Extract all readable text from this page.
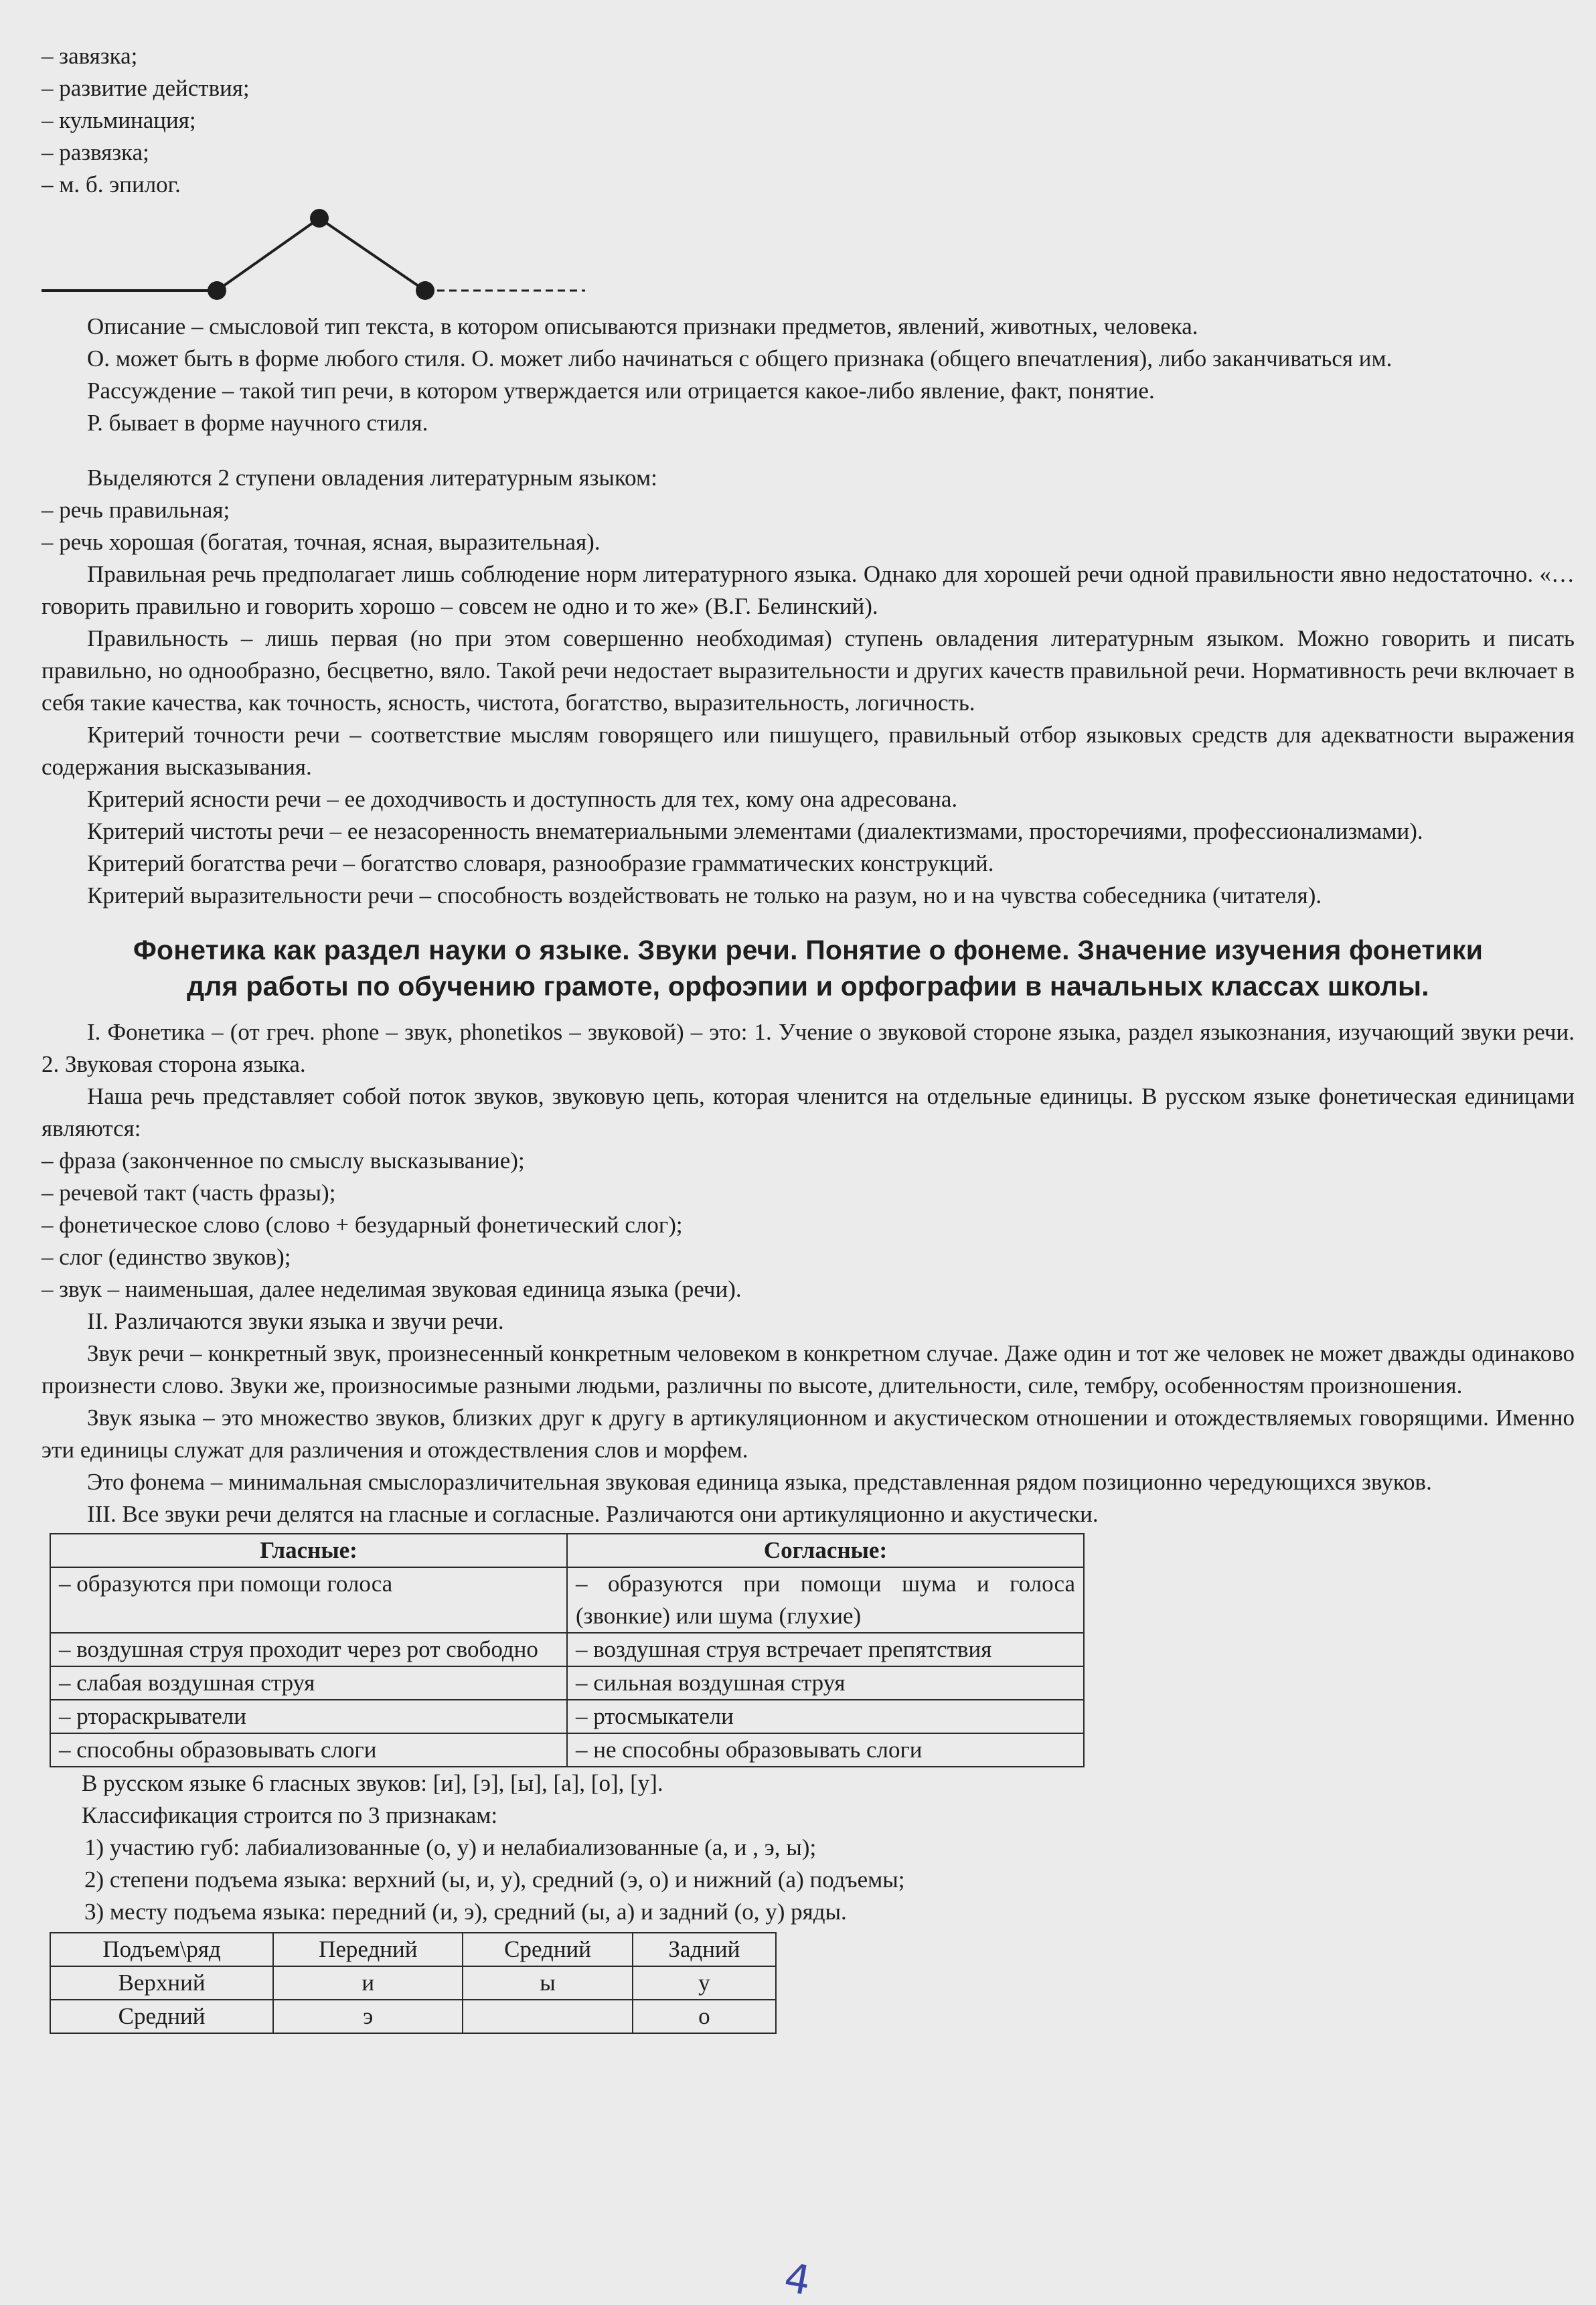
– завязка;
– развитие действия;
– кульминация;
– развязка;
– м. б. эпилог.

Описание – смысловой тип текста, в котором описываются признаки предметов, явлений, животных, человека.

О. может быть в форме любого стиля. О. может либо начинаться с общего признака (общего впечатления), либо заканчиваться им.

Рассуждение – такой тип речи, в котором утверждается или отрицается какое-либо явление, факт, понятие.

Р. бывает в форме научного стиля.

Выделяются 2 ступени овладения литературным языком:

– речь правильная;
– речь хорошая (богатая, точная, ясная, выразительная).

Правильная речь предполагает лишь соблюдение норм литературного языка. Однако для хорошей речи одной правильности явно недостаточно. «…говорить правильно и говорить хорошо – совсем не одно и то же» (В.Г. Белинский).

Правильность – лишь первая (но при этом совершенно необходимая) ступень овладения литературным языком. Можно говорить и писать правильно, но однообразно, бесцветно, вяло. Такой речи недостает выразительности и других качеств правильной речи. Нормативность речи включает в себя такие качества, как точность, ясность, чистота, богатство, выразительность, логичность.

Критерий точности речи – соответствие мыслям говорящего или пишущего, правильный отбор языковых средств для адекватности выражения содержания высказывания.

Критерий ясности речи – ее доходчивость и доступность для тех, кому она адресована.

Критерий чистоты речи – ее незасоренность внематериальными элементами (диалектизмами, просторечиями, профессионализмами).

Критерий богатства речи – богатство словаря, разнообразие грамматических конструкций.

Критерий выразительности речи – способность воздействовать не только на разум, но и на чувства собеседника (читателя).

Фонетика как раздел науки о языке. Звуки речи. Понятие о фонеме. Значение изучения фонетики
для работы по обучению грамоте, орфоэпии и орфографии в начальных классах школы.

I. Фонетика – (от греч. phone – звук, phonetikos – звуковой) – это: 1. Учение о звуковой стороне языка, раздел языкознания, изучающий звуки речи. 2. Звуковая сторона языка.

Наша речь представляет собой поток звуков, звуковую цепь, которая членится на отдельные единицы. В русском языке фонетическая единицами являются:

– фраза (законченное по смыслу высказывание);
– речевой такт (часть фразы);
– фонетическое слово (слово + безударный фонетический слог);
– слог (единство звуков);
– звук – наименьшая, далее неделимая звуковая единица языка (речи).

II. Различаются звуки языка и звучи речи.

Звук речи – конкретный звук, произнесенный конкретным человеком в конкретном случае. Даже один и тот же человек не может дважды одинаково произнести слово. Звуки же, произносимые разными людьми, различны по высоте, длительности, силе, тембру, особенностям произношения.

Звук языка – это множество звуков, близких друг к другу в артикуляционном и акустическом отношении и отождествляемых говорящими. Именно эти единицы служат для различения и отождествления слов и морфем.

Это фонема – минимальная смыслоразличительная звуковая единица языка, представленная рядом позиционно чередующихся звуков.

III. Все звуки речи делятся на гласные и согласные. Различаются они артикуляционно и акустически.

Гласные:	Согласные:
– образуются при помощи голоса	– образуются при помощи шума и голоса (звонкие) или шума (глухие)
– воздушная струя проходит через рот свободно	– воздушная струя встречает препятствия
– слабая воздушная струя	– сильная воздушная струя
– ртораскрыватели	– ртосмыкатели
– способны образовывать слоги	– не способны образовывать слоги
В русском языке 6 гласных звуков: [и], [э], [ы], [а], [о], [у].
Классификация строится по 3 признакам:
1) участию губ: лабиализованные (о, у) и нелабиализованные (а, и , э, ы);
2) степени подъема языка: верхний (ы, и, у), средний (э, о) и нижний (а) подъемы;
3) месту подъема языка: передний (и, э), средний (ы, а) и задний (о, у) ряды.
Подъем\ряд	Передний	Средний	Задний
Верхний	и	ы	у
Средний	э		о
4
